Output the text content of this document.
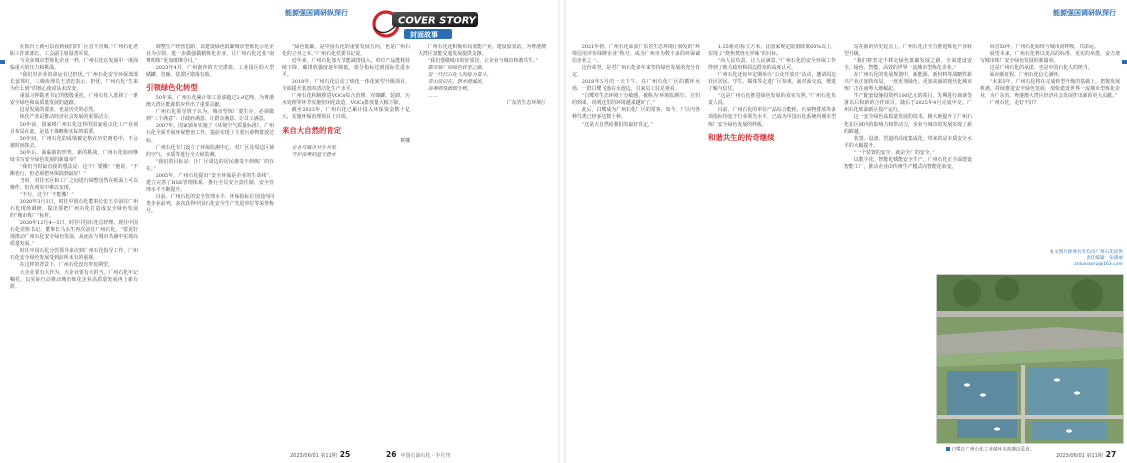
能源强国调研纵深行

在阳台上就可以看到我们的厂区冒不冒烟。”广州石化老职工作部部长、工会副主席温善军说。

与众多城市型炼化企业一样，广州石化在发展中一度面临重大的压力和挑战。

“我们对企业的命运有过担忧。”广州石化安全环保部部长姜邦红，三级协理员王清忠表示，担忧，广州石化“生来为什么到”的核心使命从未改变。

重温习仲勋老书记的殷殷重托，广州石化人选择了一条安全绿色和高质量发展的道路。

这是发展的要求，也是历史的必然。

炼化产业是推动经济社会发展的重要动力。

50年前，国家将广州石化这样的国家重点化工产业项目布局在此，是基于战略和实际的需要。

50年间，广州石化的成绩被定格在历史画卷中，不会被时间抹去。

50年后，面临新的形势、新的挑战，广州石化如何继续书写安全绿色发展的新篇章？

“我们当时最直接的想法是：这个厂要搬！”他说，“不搬也行，但必须把环保搞到最好！”

当时，对住宅区和工厂之间进行调整虽然在纸面上可以操作，但在现实中难以实现。

“不行，这个厂不能搬！”

2020年3月3日，时任中国石化董事长张玉卓前往广州石化现场调研，提出要把广州石化打造成安全绿色发展的“城市炼厂”标杆。

2020年12月4—5日，时任中国石化总经理、现任中国石化党组书记、董事长马永生再次前往广州石化，“要更好地推动广州石化安全绿色发展，从而在与城市共融中实现高质量发展。”

时任中国石化分管领导多次到广州石化指导工作，广州石化安全绿色发展受到前所未有的重视。

在这样的背景下，广州石化没有辜负期望。

大企业要有大作为，大企业要有大担当。广州石化牢记嘱托，以实际行动推动城市炼化企业高质量发展再上新台阶。

调整生产经营思路，以建设绿色低碳城市型炼化示范企业为引领，进一步做强做精炼化企业，让广州石化这张“南粤明珠”更加璀璨夺目。”

2023年4月，广州南沙的天空湛蓝，工业园区的大型储罐、管廊、装置区错落有致。

引领绿色化转型

50年来，广州石化累计加工原油超过2.8亿吨，为粤港澳大湾区能源供应作出了重要贡献。

广州石化领导班子认为，城市型炼厂要生存，必须做到“三个满意”：让政府满意、让群众满意、让员工满意。

2007年，国家颁布实施了《环境空气质量标准》，广州石化全面开展环保整治工作，提前实现了主要污染物排放达标。

广州石化专门设立了环保监测中心，对厂区及周边区域的空气、水质等进行全天候监测。

“我们的目标是：让厂区周边的居民感受不到炼厂的存在。”

2005年，广州石化提出“安全环保是企业的生命线”，建立完善了HSE管理体系，推行全员安全责任制，安全管理水平不断提升。

目前，广州石化的安全管理水平、环保指标位居国内同类企业前列，多次获得中国石化安全生产先进单位等荣誉称号。

“绿色低碳，是中国石化的重要发展方向，也是广州石化的立身之本。”广州石化党委书记说。

近年来，广州石化加大节能减排投入，单位产品能耗持续下降，碳排放强度逐年降低，部分指标达到国际先进水平。

2018年，广州石化启动了炼化一体化转型升级项目，全面提升装置的清洁化生产水平。

广州石化积极推进VOCs综合治理，对储罐、装卸、污水处理等环节实施密闭化改造，VOCs排放量大幅下降。

截至2023年，广州石化已累计投入环保资金数十亿元，实施环保治理项目上百项。

来自大自然的肯定

蔡娜

企业与城市共生共荣

守护南粤的蓝天碧水

广州石化还积极布局氢能产业，建设加氢站，为粤港澳大湾区氢能交通发展提供支撑。

“我们要做城市的好邻居，让企业与城市和谐共生。”

都市炼厂的绿色转型之路，

是一代代石化人的接力奋斗。

青山依旧在，碧水绕城流，

南粤明珠熠熠生辉。

……

广东省生态环境厅

2023/06/01 第11期 25
COVER STORY
封面故事
能源强国调研纵深行

2021年初，广州石化荣获广东省生态环境厅颁发的“环境信用评价绿牌企业”称号，成为广州市为数不多的环保诚信企业之一。

这份荣誉，是对广州石化多年来坚持绿色发展的充分肯定。

2018年5月的一天下午，在广州石化厂区的循环水场，一群白鹭飞落在水池边，引来员工驻足观看。

“白鹭对生态环境十分敏感，被称为‘环境监测鸟’。它们的到来，说明这里的环境越来越好了。”

此后，白鹭成为广州石化厂区的常客。如今，厂区内各种鸟类已经多达数十种。

“这是大自然给我们的最好肯定。”

1.35毫克/标立方米，比国家规定限值降低60%以上，实现了“烧焦焚烧无异味”的目标。

“向人民负责，让人民满意。”广州石化的安全环保工作得到了地方政府和周边群众的高度认可。

广州石化还每年定期举办“公众开放日”活动，邀请周边社区居民、学生、媒体等走进厂区参观，面对面交流，增进了解与信任。

“这是广州石化推进绿色发展的真实写照。”广州石化负责人说。

目前，广州石化的单位产品综合能耗、污染物排放等多项指标均处于行业领先水平，已成为中国石化系统内城市型炼厂安全绿色发展的样板。

和谐共生的传奇继续

站在新的历史起点上，广州石化正全力推进炼化产业转型升级。

“我们将坚定不移走绿色低碳发展之路，全面建设安全、绿色、智能、高效的世界一流城市型炼化企业。”

在广州石化的发展规划中，新能源、新材料等战略性新兴产业正加快布局，一座更加绿色、更加美丽的现代化城市炼厂正在南粤大地崛起。

生产配套设施投资约100亿元的项目，先期进行商谈签署以后和新的合作项目。随后于2025年4月完成中交。广州石化炼油新区投产运行。

这一安全绿色高质量发展的技术，极大地提升了广州石化在区域内的影响力和带动力，企业与城市的发展实现了新的跨越。

装置、设备、管道的高度集成化，带来的是本质安全水平的大幅提升。

“一个装置的安全，就是全厂的安全。”

以数字化、智能化赋能安全生产，广州石化正全面建设智能工厂，推动企业由传统生产模式向智能化转变。

回首50年，广州石化始终与城市同呼吸、共命运。

展望未来，广州石化将以更高的标准、更实的举措，奋力谱写城市炼厂安全绿色发展的新篇章。

这是广州石化的承诺，也是中国石化人的担当。

面向新征程，广州石化信心满怀。

“未来5年，广州石化将在完成转型升级的基础上，把握发展机遇，持续推进安全绿色发展，加快建设世界一流城市型炼化企业，为广东省、粤港澳大湾区经济社会发展作出新的更大贡献。”

广州石化，走好不好？

2023/06/01 第11期 27
26 中国石油石化 · 半月刊
本文图片除署名外均由广州石化提供
责任编辑：张晓丽
znluxiaoru@163.com
白鹭在广州石化工业循环水池塘边觅食。
